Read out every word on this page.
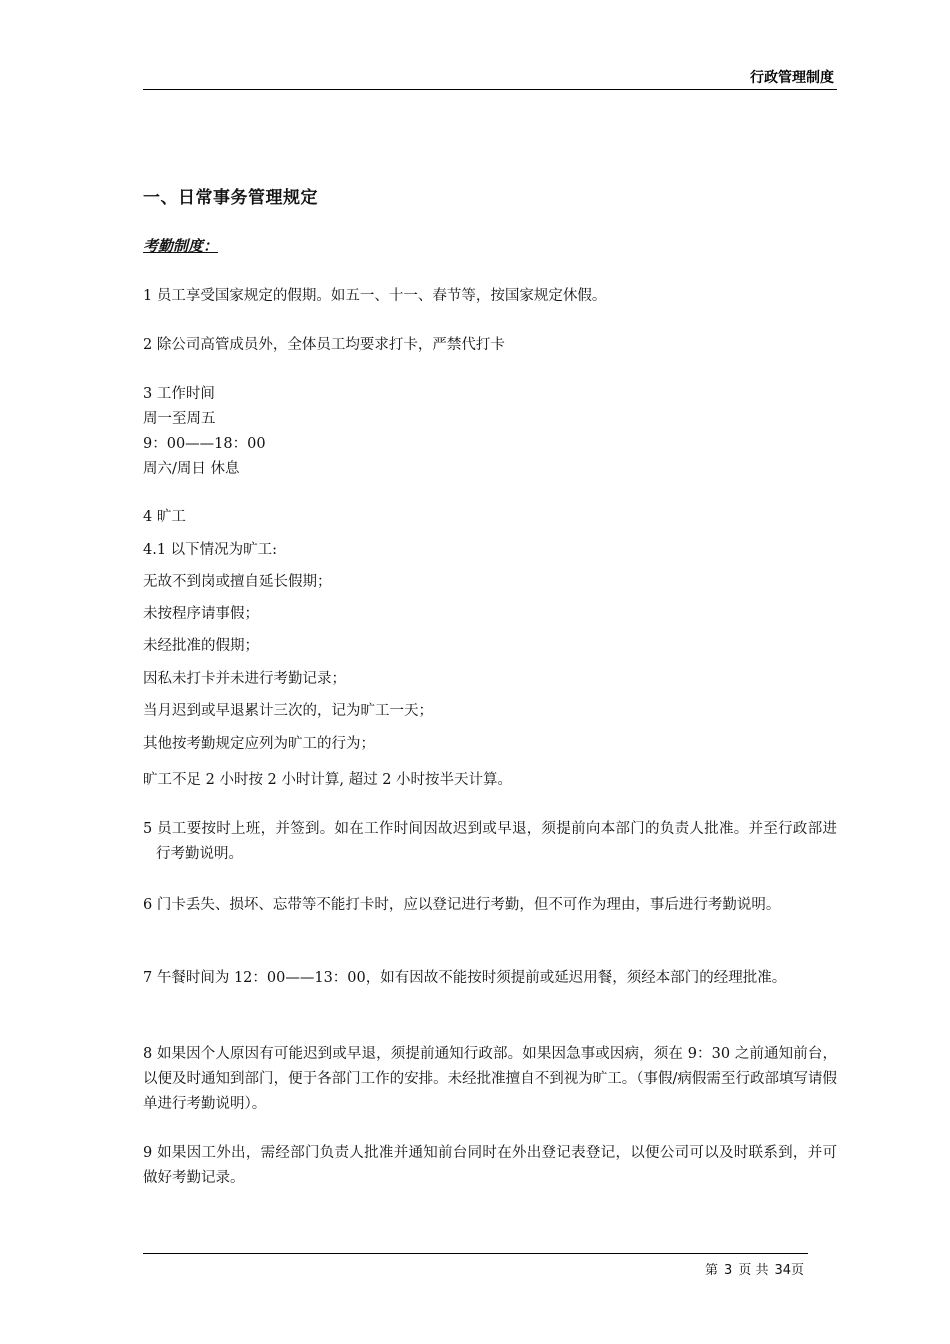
行政管理制度
一、日常事务管理规定
考勤制度：
1 员工享受国家规定的假期。如五一、十一、春节等，按国家规定休假。
2 除公司高管成员外，全体员工均要求打卡，严禁代打卡
3 工作时间
周一至周五
9：00——18：00
周六/周日 休息
4 旷工
4.1 以下情况为旷工:
无故不到岗或擅自延长假期；
未按程序请事假；
未经批准的假期；
因私未打卡并未进行考勤记录；
当月迟到或早退累计三次的，记为旷工一天；
其他按考勤规定应列为旷工的行为；
旷工不足 2 小时按 2 小时计算, 超过 2 小时按半天计算。
5 员工要按时上班，并签到。如在工作时间因故迟到或早退，须提前向本部门的负责人批准。并至行政部进行考勤说明。
6 门卡丢失、损坏、忘带等不能打卡时，应以登记进行考勤，但不可作为理由，事后进行考勤说明。
7 午餐时间为 12：00——13：00，如有因故不能按时须提前或延迟用餐，须经本部门的经理批准。
8 如果因个人原因有可能迟到或早退，须提前通知行政部。如果因急事或因病，须在 9：30 之前通知前台，以便及时通知到部门，便于各部门工作的安排。未经批准擅自不到视为旷工。（事假/病假需至行政部填写请假单进行考勤说明）。
9 如果因工外出，需经部门负责人批准并通知前台同时在外出登记表登记，以便公司可以及时联系到，并可做好考勤记录。
第 3 页 共 34页
